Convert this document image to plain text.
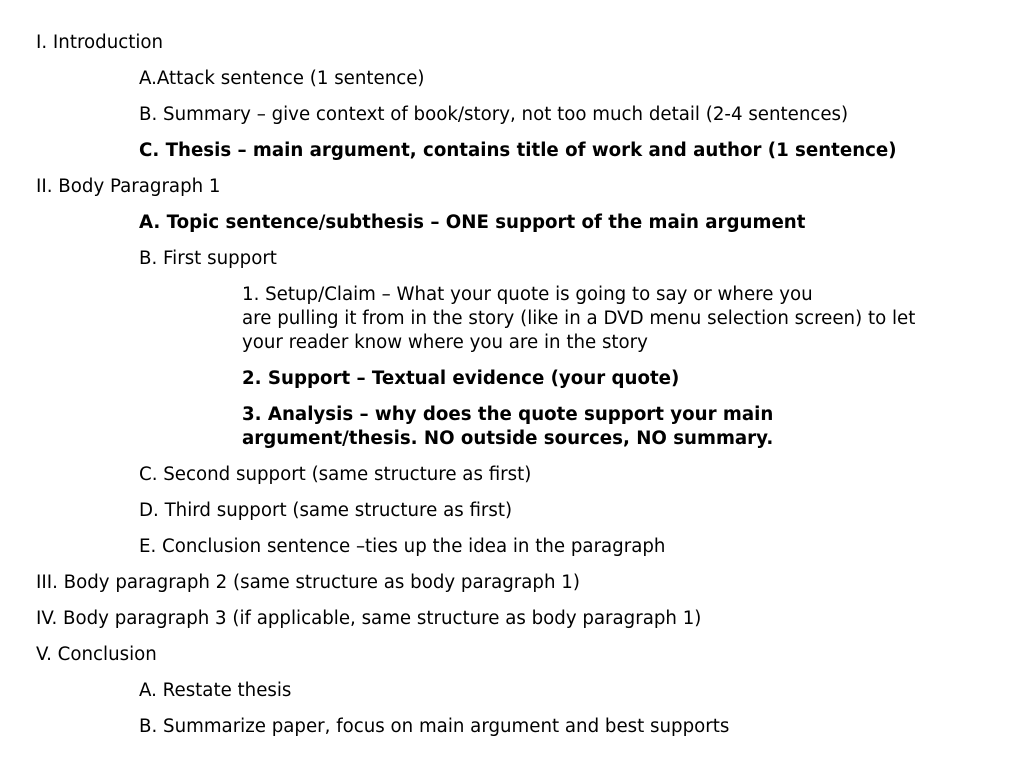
I. Introduction
A.Attack sentence (1 sentence)
B. Summary – give context of book/story, not too much detail (2-4 sentences)
C. Thesis – main argument, contains title of work and author (1 sentence)
II. Body Paragraph 1
A. Topic sentence/subthesis – ONE support of the main argument
B. First support
1. Setup/Claim – What your quote is going to say or where you
are pulling it from in the story (like in a DVD menu selection screen) to let
your reader know where you are in the story
2. Support – Textual evidence (your quote)
3. Analysis – why does the quote support your main
argument/thesis. NO outside sources, NO summary.
C. Second support (same structure as first)
D. Third support (same structure as first)
E. Conclusion sentence –ties up the idea in the paragraph
III. Body paragraph 2 (same structure as body paragraph 1)
IV. Body paragraph 3 (if applicable, same structure as body paragraph 1)
V. Conclusion
A. Restate thesis
B. Summarize paper, focus on main argument and best supports
